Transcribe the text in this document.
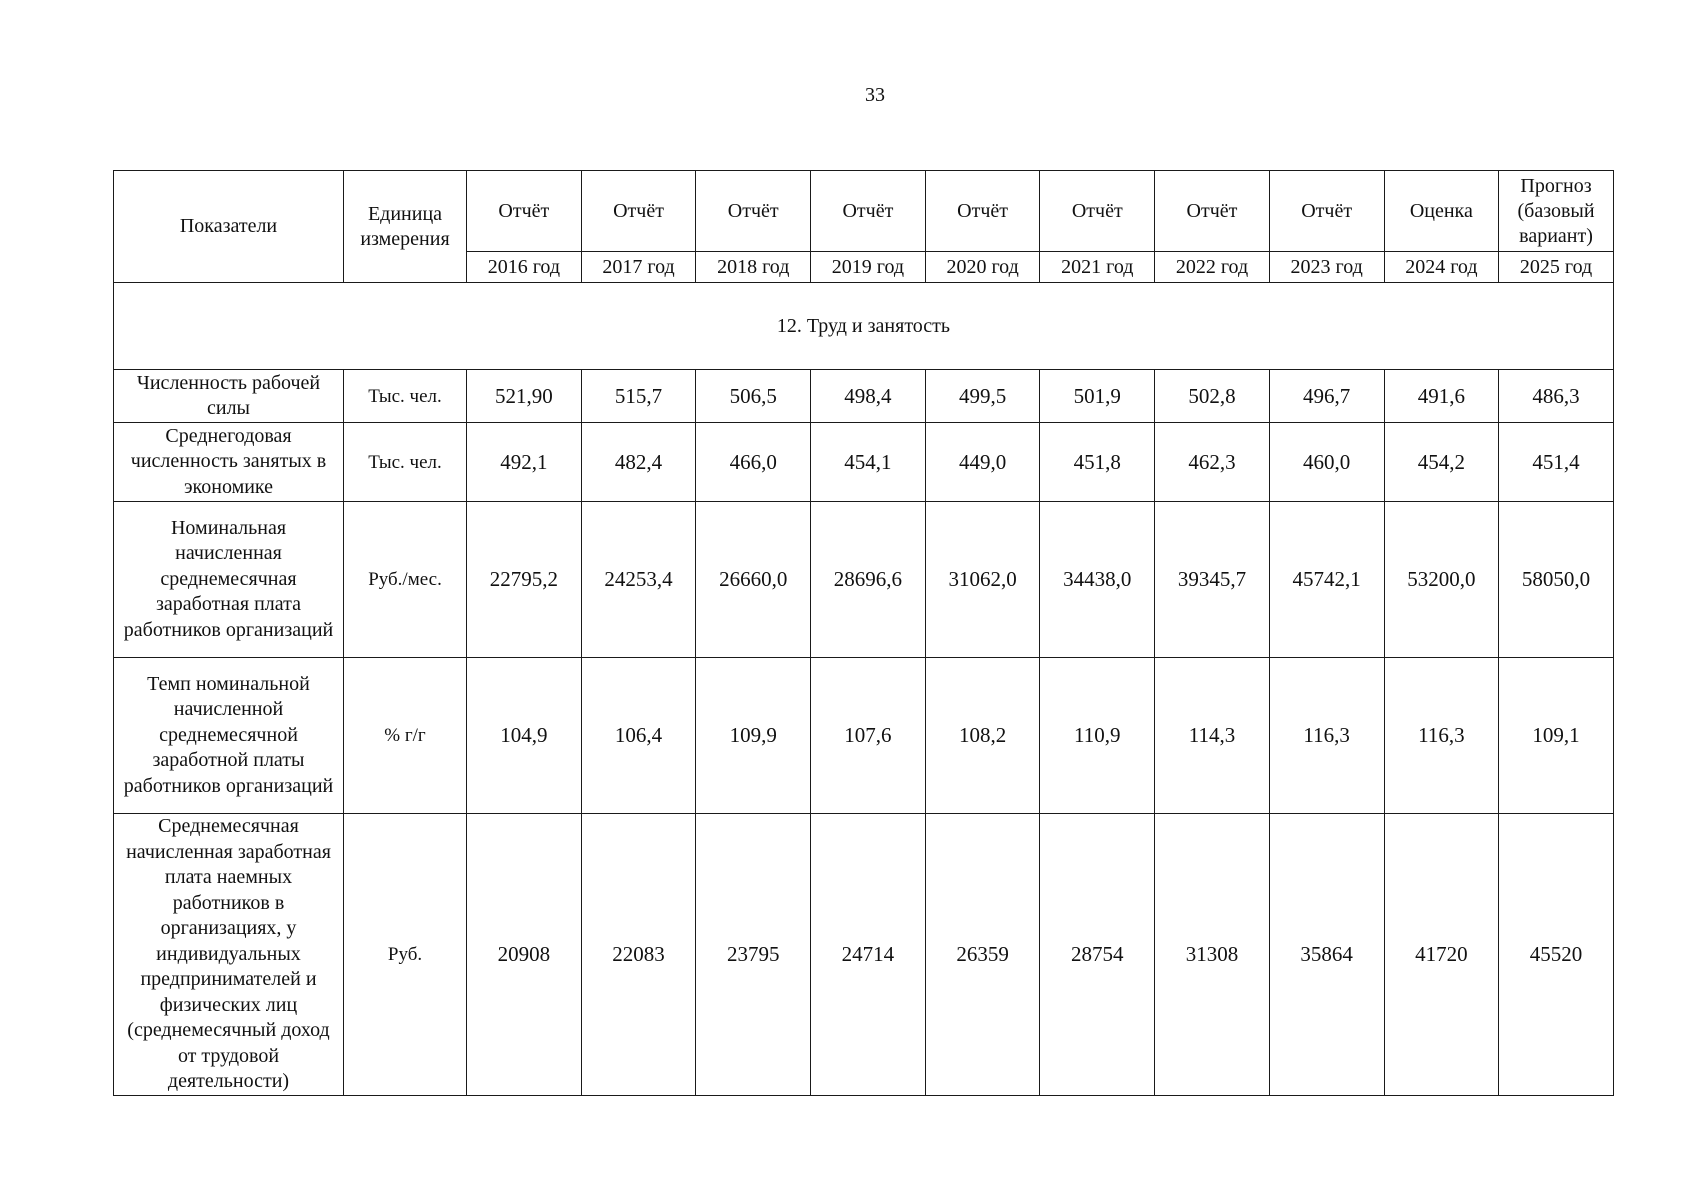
33
Показатели	Единица измерения	Отчёт	Отчёт	Отчёт	Отчёт	Отчёт	Отчёт	Отчёт	Отчёт	Оценка	Прогноз (базовый вариант)
		2016 год	2017 год	2018 год	2019 год	2020 год	2021 год	2022 год	2023 год	2024 год	2025 год
12. Труд и занятость											
Численность рабочей силы	Тыс. чел.	521,90	515,7	506,5	498,4	499,5	501,9	502,8	496,7	491,6	486,3
Среднегодовая численность занятых в экономике	Тыс. чел.	492,1	482,4	466,0	454,1	449,0	451,8	462,3	460,0	454,2	451,4
Номинальная начисленная среднемесячная заработная плата работников организаций	Руб./мес.	22795,2	24253,4	26660,0	28696,6	31062,0	34438,0	39345,7	45742,1	53200,0	58050,0
Темп номинальной начисленной среднемесячной заработной платы работников организаций	% г/г	104,9	106,4	109,9	107,6	108,2	110,9	114,3	116,3	116,3	109,1
Среднемесячная начисленная заработная плата наемных работников в организациях, у индивидуальных предпринимателей и физических лиц (среднемесячный доход от трудовой деятельности)	Руб.	20908	22083	23795	24714	26359	28754	31308	35864	41720	45520
